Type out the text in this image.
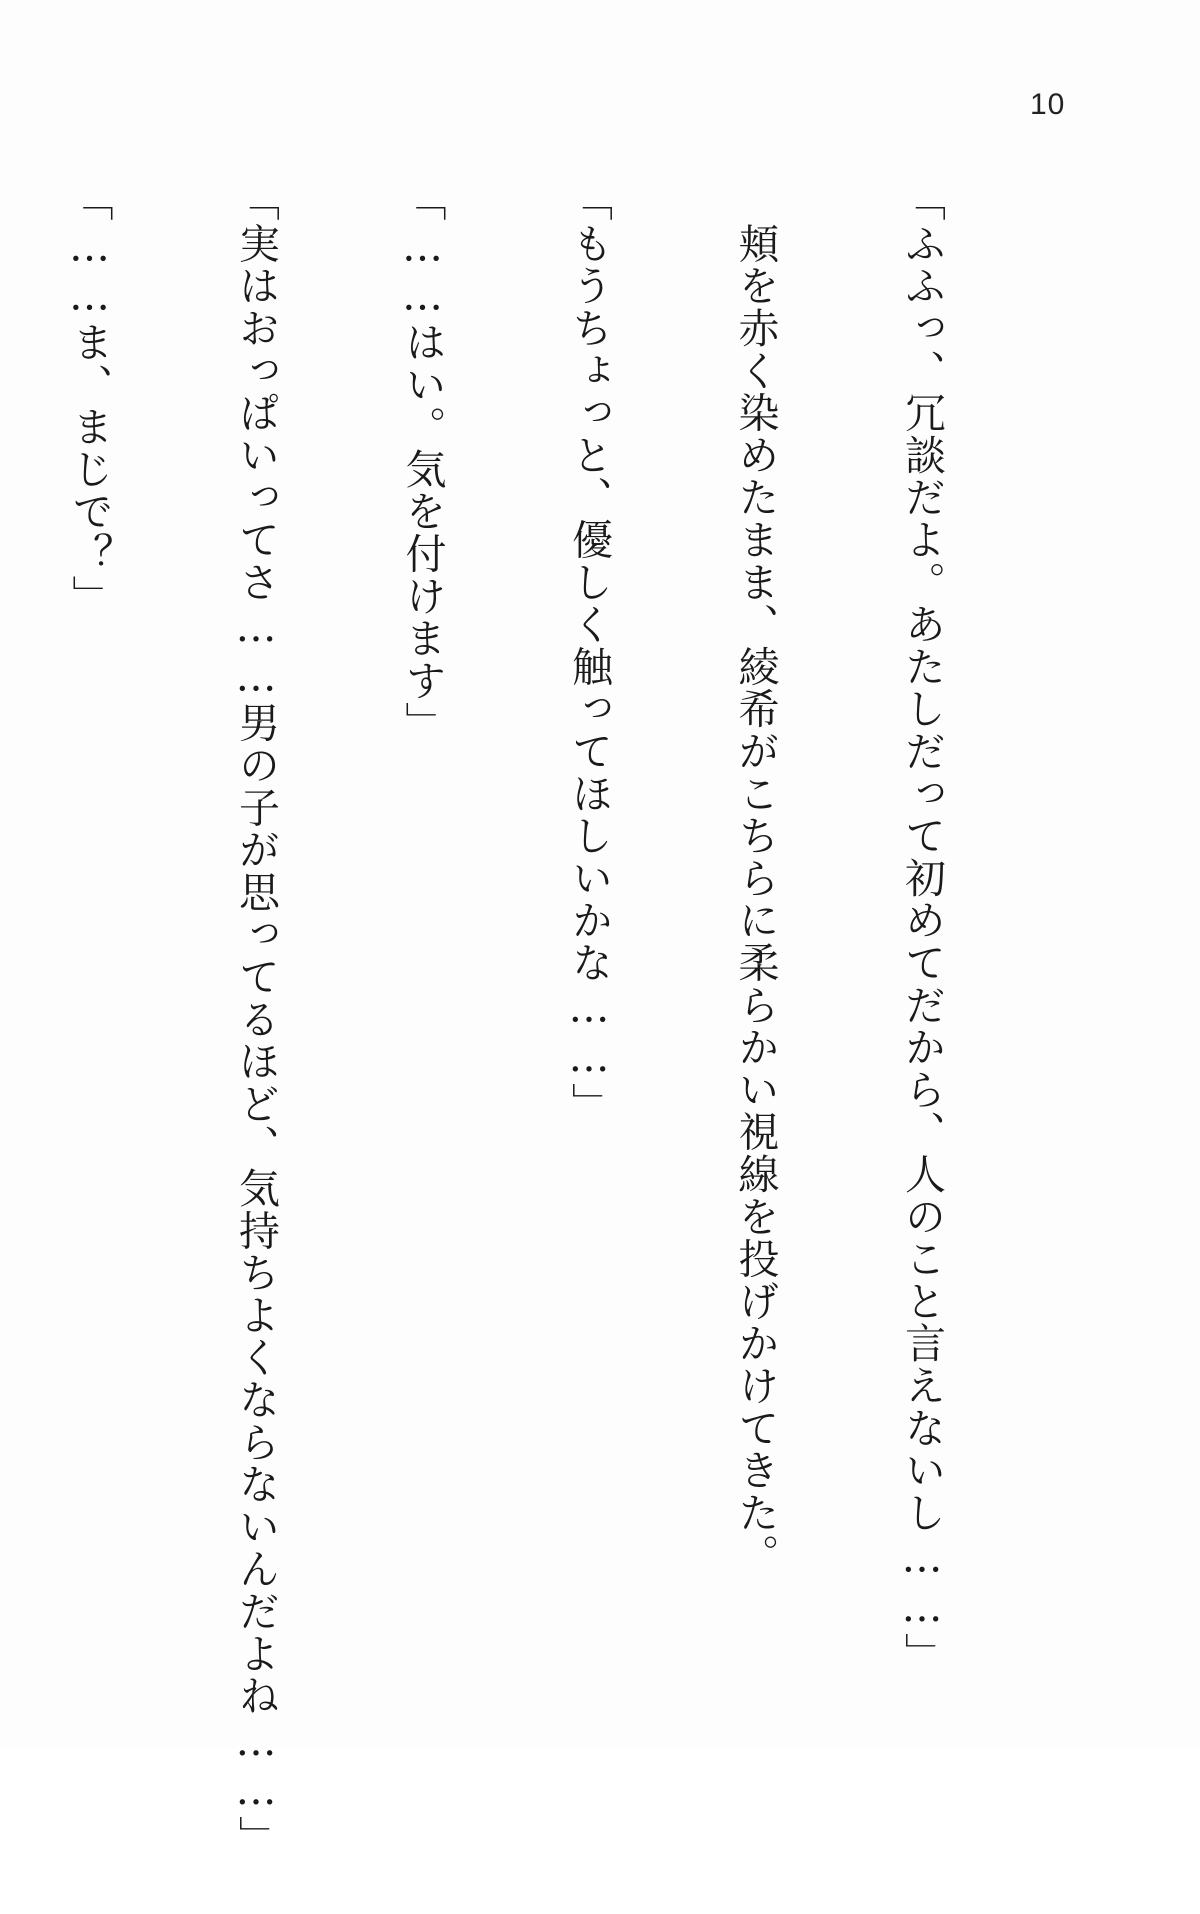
10

「ふふっ、冗談だよ。あたしだって初めてだから、人のこと言えないし……」

　頬を赤く染めたまま、綾希がこちらに柔らかい視線を投げかけてきた。

「もうちょっと、優しく触ってほしいかな……」

「……はい。気を付けます」

「実はおっぱいってさ……男の子が思ってるほど、気持ちよくならないんだよね……」

「……ま、まじで？」
